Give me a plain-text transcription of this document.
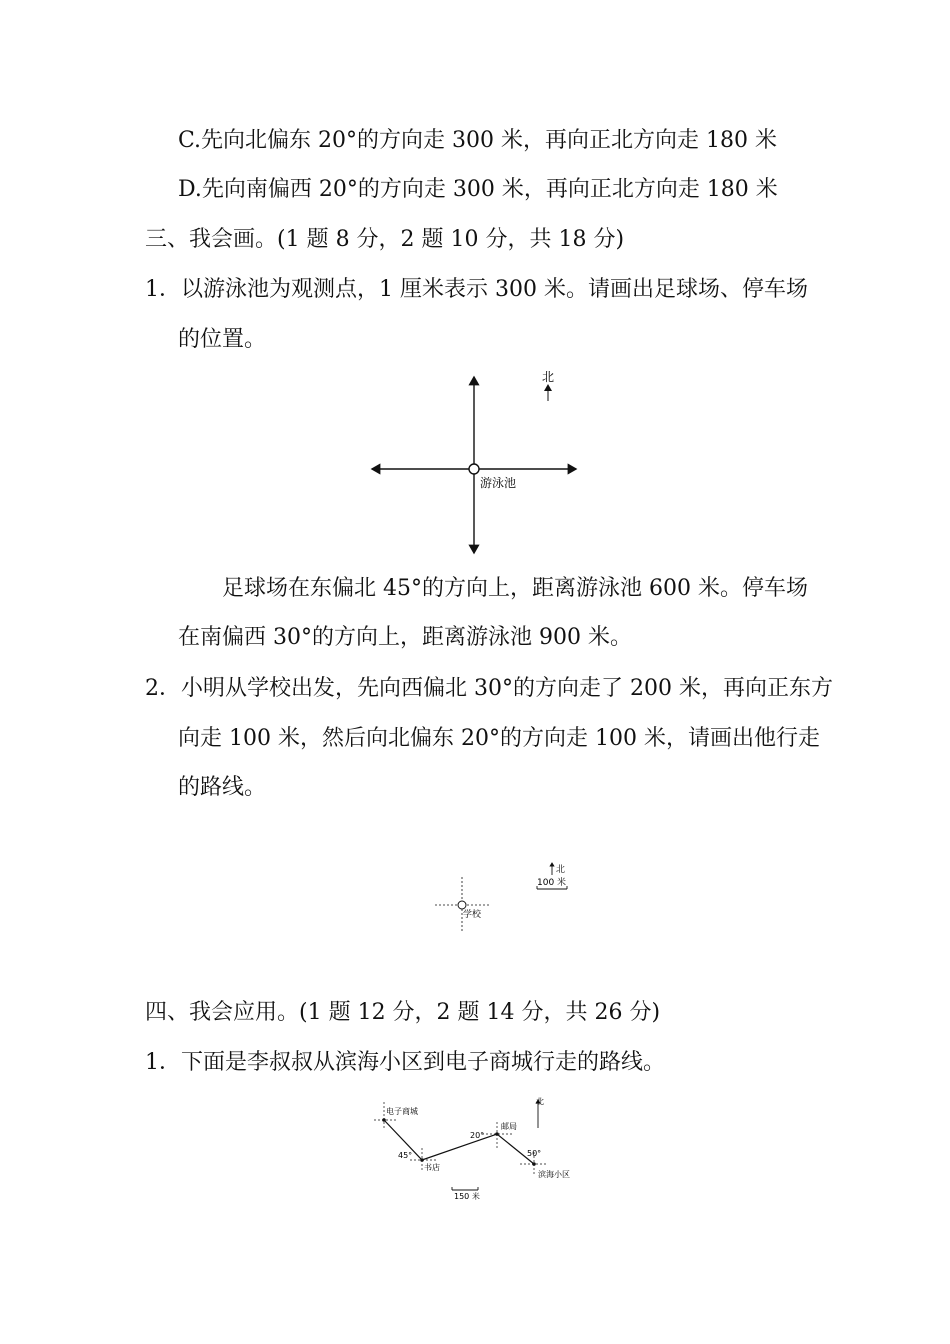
C.先向北偏东 20°的方向走 300 米，再向正北方向走 180 米
D.先向南偏西 20°的方向走 300 米，再向正北方向走 180 米
三、我会画。(1 题 8 分，2 题 10 分，共 18 分)
1．以游泳池为观测点，1 厘米表示 300 米。请画出足球场、停车场
的位置。
北
游泳池
足球场在东偏北 45°的方向上，距离游泳池 600 米。停车场
在南偏西 30°的方向上，距离游泳池 900 米。
2．小明从学校出发，先向西偏北 30°的方向走了 200 米，再向正东方
向走 100 米，然后向北偏东 20°的方向走 100 米，请画出他行走
的路线。
学校
北
100 米
四、我会应用。(1 题 12 分，2 题 14 分，共 26 分)
1．下面是李叔叔从滨海小区到电子商城行走的路线。
电子商城
书店
邮局
滨海小区
45°
20°
50°
北
150 米
